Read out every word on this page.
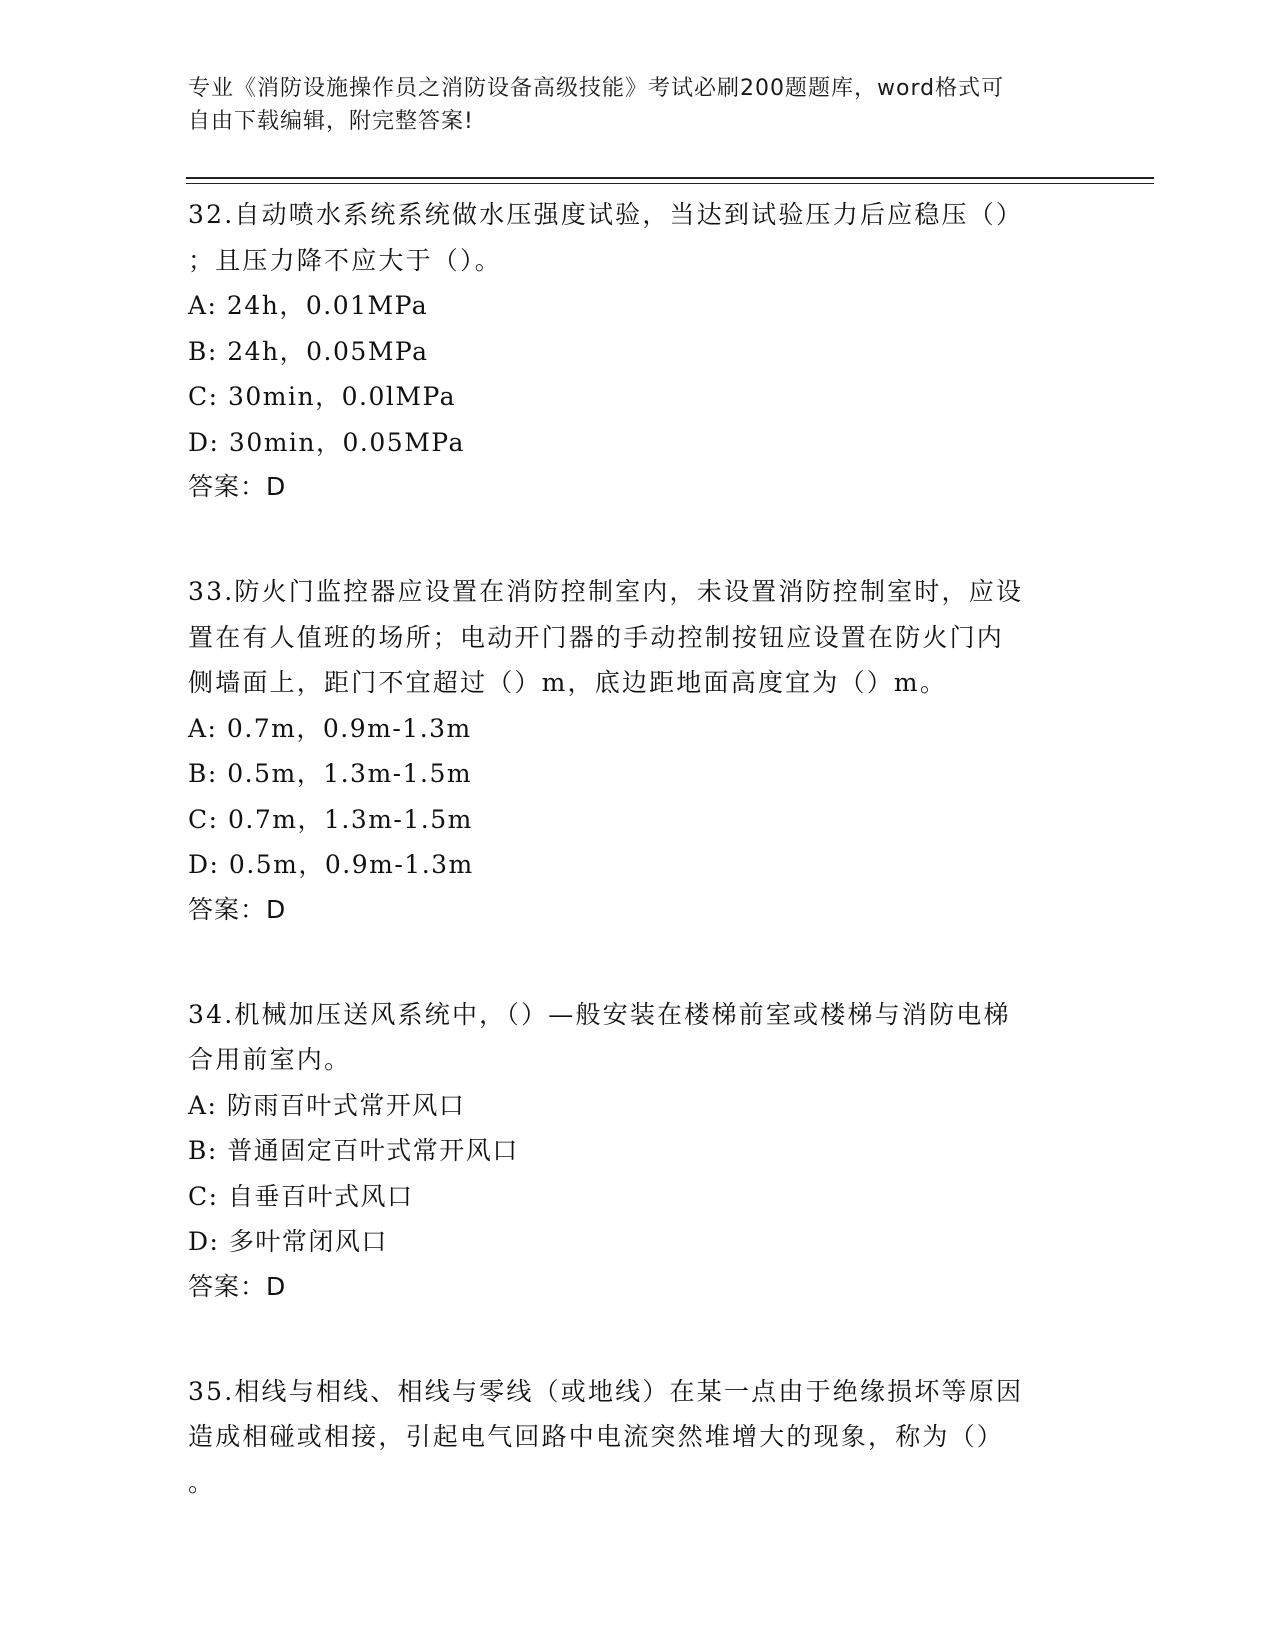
专业《消防设施操作员之消防设备高级技能》考试必刷200题题库，word格式可
自由下载编辑，附完整答案!
32.自动喷水系统系统做水压强度试验，当达到试验压力后应稳压（）
；且压力降不应大于（）。
A: 24h，0.01MPa
B: 24h，0.05MPa
C: 30min，0.0lMPa
D: 30min，0.05MPa
答案：D
33.防火门监控器应设置在消防控制室内，未设置消防控制室时，应设
置在有人值班的场所；电动开门器的手动控制按钮应设置在防火门内
侧墙面上，距门不宜超过（）m，底边距地面高度宜为（）m。
A: 0.7m，0.9m-1.3m
B: 0.5m，1.3m-1.5m
C: 0.7m，1.3m-1.5m
D: 0.5m，0.9m-1.3m
答案：D
34.机械加压送风系统中，（）—般安装在楼梯前室或楼梯与消防电梯
合用前室内。
A: 防雨百叶式常开风口
B: 普通固定百叶式常开风口
C: 自垂百叶式风口
D: 多叶常闭风口
答案：D
35.相线与相线、相线与零线（或地线）在某一点由于绝缘损坏等原因
造成相碰或相接，引起电气回路中电流突然堆增大的现象，称为（）
。
